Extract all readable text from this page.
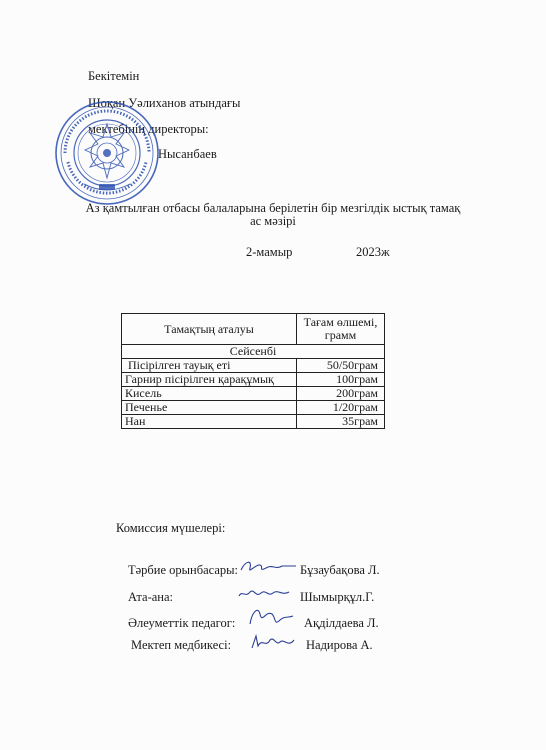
Бекітемін
Шоқан Уәлиханов атындағы
мектебінің директоры:
Нысанбаев
Аз қамтылған отбасы балаларына берілетін бір мезгілдік ыстық тамақ
ас мәзірі
2-мамыр	2023ж
Тамақтың аталуы	Тағам өлшемі, грамм
Сейсенбі	
Пісірілген тауық еті	50/50грам
Гарнир пісірілген қарақұмық	100грам
Кисель	200грам
Печенье	1/20грам
Нан	35грам
Комиссия мүшелері:
Тәрбие орынбасары:	Бұзаубақова Л.
Ата-ана:	Шымырқұл.Г.
Әлеуметтік педагог:	Ақділдаева Л.
Мектеп медбикесі:	Надирова А.
